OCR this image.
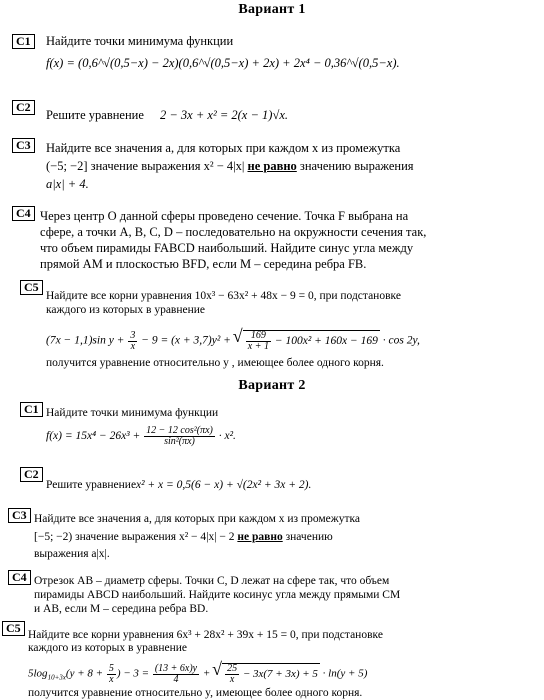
Вариант 1
С1	Найдите точки минимума функции
f(x) = (0,6^√(0,5−x) − 2x)(0,6^√(0,5−x) + 2x) + 2x⁴ − 0,36^√(0,5−x).
С2
Решите уравнение 2 − 3x + x² = 2(x − 1)√x.
С3	Найдите все значения a, для которых при каждом x из промежутка
(−5; −2] значение выражения x² − 4|x| не равно значению выражения
a|x| + 4.
С4 Через центр O данной сферы проведено сечение. Точка F выбрана на
сфере, а точки A, B, C, D – последовательно на окружности сечения так,
что объем пирамиды FABCD наибольший. Найдите синус угла между
прямой AM и плоскостью BFD, если M – середина ребра FB.
С5
Найдите все корни уравнения 10x³ − 63x² + 48x − 9 = 0, при подстановке
каждого из которых в уравнение
(7x − 1,1)sin $y + \frac{3}{x} - 9 = (x + 3,7)y^2$ + √ $\frac{169}{x + 1} - 100x^2 + 160x - 169 \cdot \cos 2y$,
получится уравнение относительно y , имеющее более одного корня.
Вариант 2
С1 Найдите точки минимума функции
$f(x) = 15x^4 - 26x^3 + \frac{\text{12 − 12 cos²(πx)}}{\text{sin²(πx)}} \cdot x^2$.
С2
Решите уравнение x² + x = 0,5(6 − x) + √(2x² + 3x + 2).
С3 Найдите все значения a, для которых при каждом x из промежутка
[−5; −2) значение выражения x² − 4|x| − 2 не равно значению
выражения a|x|.
С4 Отрезок AB – диаметр сферы. Точки C, D лежат на сфере так, что объем
пирамиды ABCD наибольший. Найдите косинус угла между прямыми CM
и AB, если M – середина ребра BD.
С5 Найдите все корни уравнения 6x³ + 28x² + 39x + 15 = 0, при подстановке
каждого из которых в уравнение
$5\log_{10+3x}(y + 8 + \frac{5}{x}$ ) − $3 = \frac{(13 + 6x)y}{4}$ + √ $\frac{25}{x} - 3x(7 + 3x) + 5 \cdot \ln(y + 5)$
получится уравнение относительно y, имеющее более одного корня.
